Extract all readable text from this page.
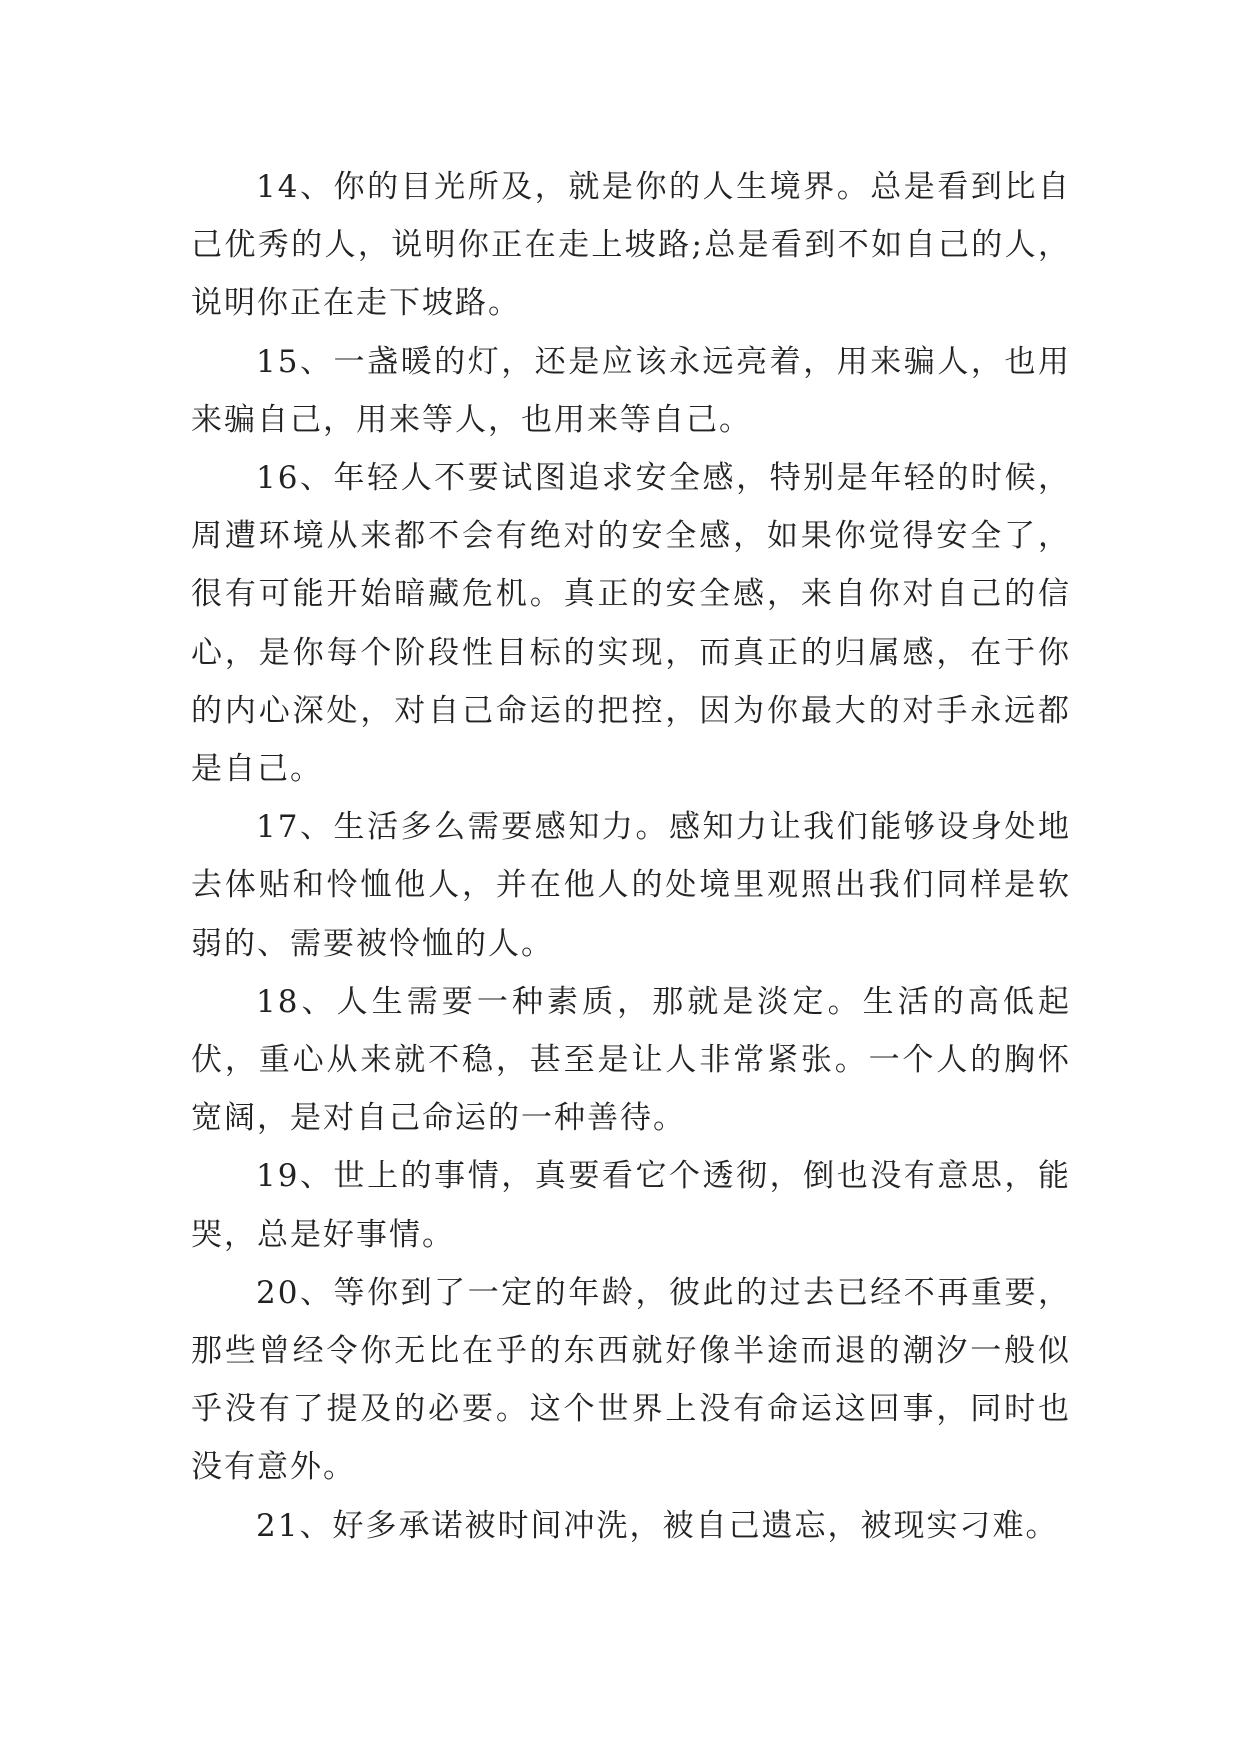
14、你的目光所及，就是你的人生境界。总是看到比自己优秀的人，说明你正在走上坡路;总是看到不如自己的人，说明你正在走下坡路。

15、一盏暖的灯，还是应该永远亮着，用来骗人，也用来骗自己，用来等人，也用来等自己。

16、年轻人不要试图追求安全感，特别是年轻的时候，周遭环境从来都不会有绝对的安全感，如果你觉得安全了，很有可能开始暗藏危机。真正的安全感，来自你对自己的信心，是你每个阶段性目标的实现，而真正的归属感，在于你的内心深处，对自己命运的把控，因为你最大的对手永远都是自己。

17、生活多么需要感知力。感知力让我们能够设身处地去体贴和怜恤他人，并在他人的处境里观照出我们同样是软弱的、需要被怜恤的人。

18、人生需要一种素质，那就是淡定。生活的高低起伏，重心从来就不稳，甚至是让人非常紧张。一个人的胸怀宽阔，是对自己命运的一种善待。

19、世上的事情，真要看它个透彻，倒也没有意思，能哭，总是好事情。

20、等你到了一定的年龄，彼此的过去已经不再重要，那些曾经令你无比在乎的东西就好像半途而退的潮汐一般似乎没有了提及的必要。这个世界上没有命运这回事，同时也没有意外。

21、好多承诺被时间冲洗，被自己遗忘，被现实刁难。
